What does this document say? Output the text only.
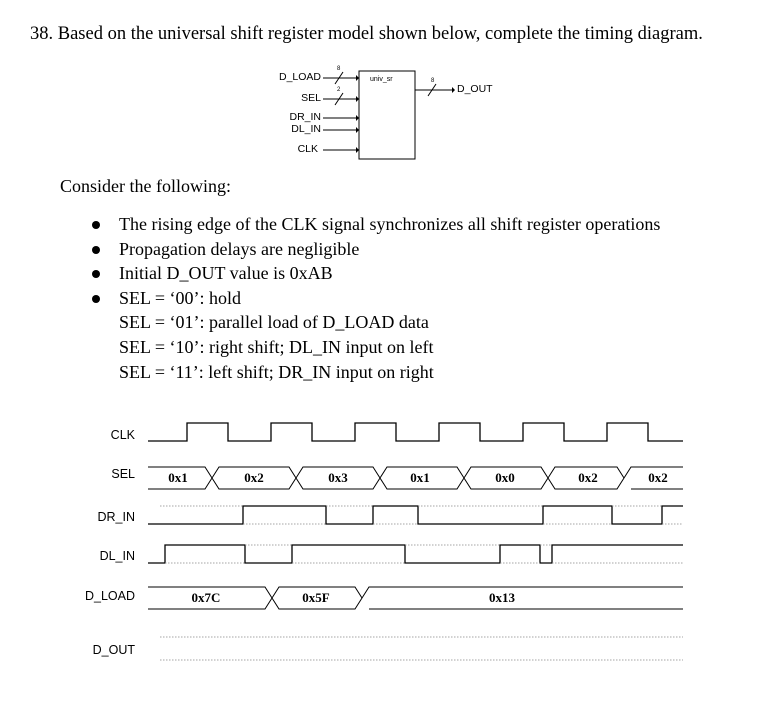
38. Based on the universal shift register model shown below, complete the timing diagram.
univ_sr
D_LOAD
SEL
DR_IN
DL_IN
CLK
8
2
8
D_OUT
Consider the following:
The rising edge of the CLK signal synchronizes all shift register operations
Propagation delays are negligible
Initial D_OUT value is 0xAB
SEL = ‘00’: hold
SEL = ‘01’: parallel load of D_LOAD data
SEL = ‘10’: right shift; DL_IN input on left
SEL = ‘11’: left shift; DR_IN input on right
CLK
SEL
DR_IN
DL_IN
D_LOAD
D_OUT
0x1	0x2	0x3	0x1	0x0	0x2	0x2
0x7C	0x5F	0x13
